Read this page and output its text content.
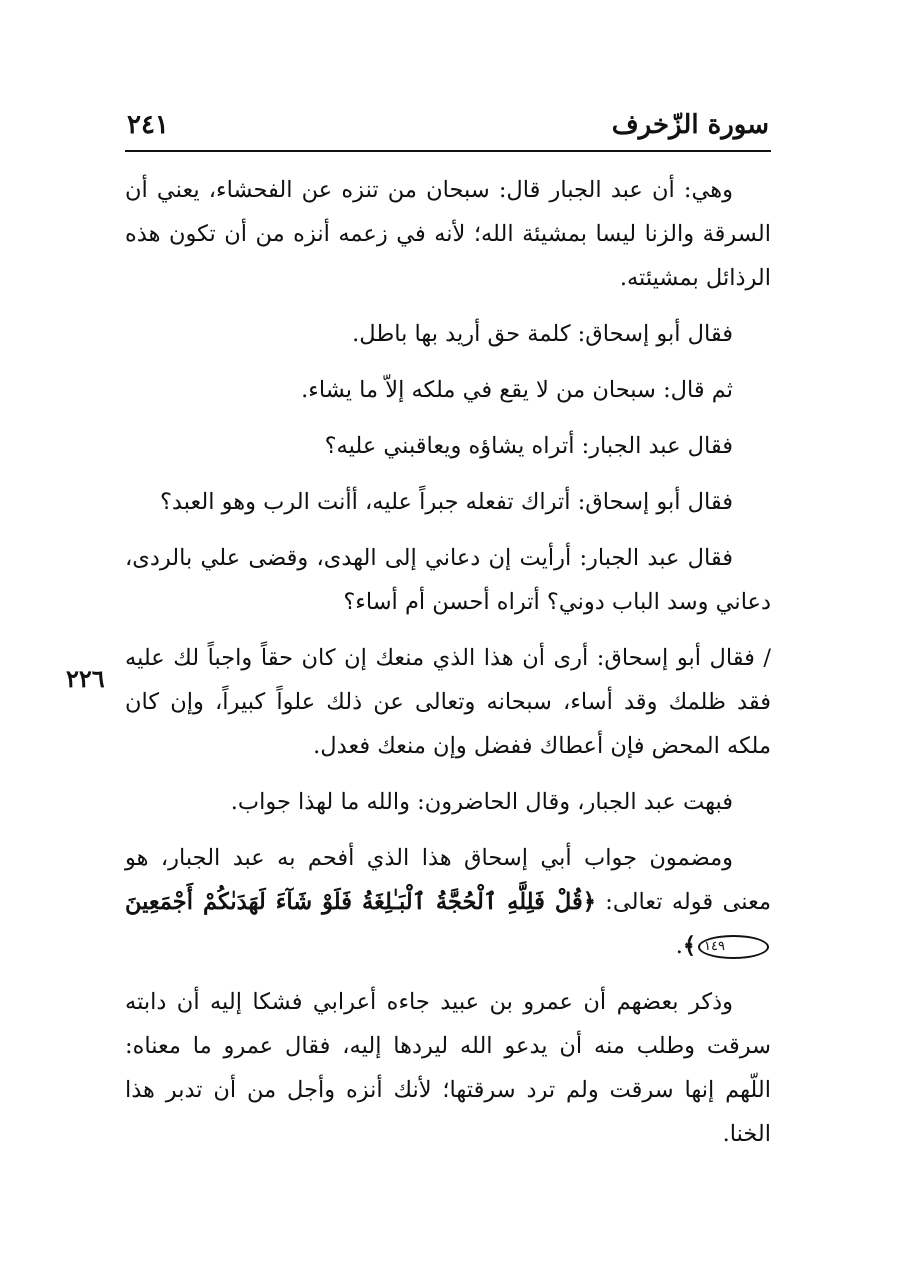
سورة الزّخرف
٢٤١
٢٢٦

وهي: أن عبد الجبار قال: سبحان من تنزه عن الفحشاء، يعني أن السرقة والزنا ليسا بمشيئة الله؛ لأنه في زعمه أنزه من أن تكون هذه الرذائل بمشيئته.

فقال أبو إسحاق: كلمة حق أريد بها باطل.

ثم قال: سبحان من لا يقع في ملكه إلاّ ما يشاء.

فقال عبد الجبار: أتراه يشاؤه ويعاقبني عليه؟

فقال أبو إسحاق: أتراك تفعله جبراً عليه، أأنت الرب وهو العبد؟

فقال عبد الجبار: أرأيت إن دعاني إلى الهدى، وقضى علي بالردى، دعاني وسد الباب دوني؟ أتراه أحسن أم أساء؟

/ فقال أبو إسحاق: أرى أن هذا الذي منعك إن كان حقاً واجباً لك عليه فقد ظلمك وقد أساء، سبحانه وتعالى عن ذلك علواً كبيراً، وإن كان ملكه المحض فإن أعطاك ففضل وإن منعك فعدل.

فبهت عبد الجبار، وقال الحاضرون: والله ما لهذا جواب.

ومضمون جواب أبي إسحاق هذا الذي أفحم به عبد الجبار، هو معنى قوله تعالى: ﴿قُلْ فَلِلَّهِ ٱلْحُجَّةُ ٱلْبَـٰلِغَةُ فَلَوْ شَآءَ لَهَدَىٰكُمْ أَجْمَعِينَ١٤٩﴾.

وذكر بعضهم أن عمرو بن عبيد جاءه أعرابي فشكا إليه أن دابته سرقت وطلب منه أن يدعو الله ليردها إليه، فقال عمرو ما معناه: اللّهم إنها سرقت ولم ترد سرقتها؛ لأنك أنزه وأجل من أن تدبر هذا الخنا.
